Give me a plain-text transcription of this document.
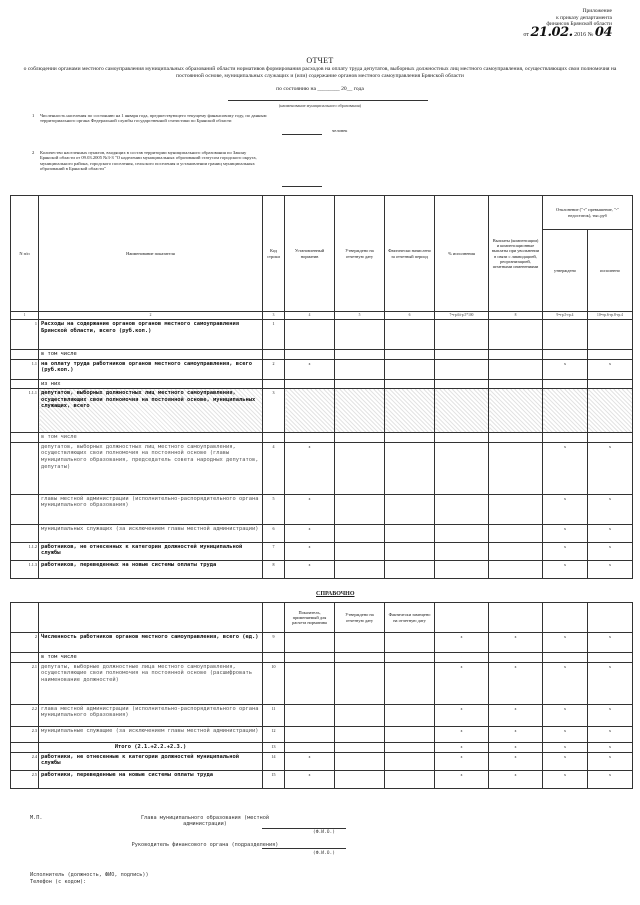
Приложение
к приказу департамента
финансов Брянской области
от 21.02. 2016 № 04
ОТЧЕТ
о соблюдении органами местного самоуправления муниципальных образований области нормативов формирования расходов на оплату труда депутатов, выборных должностных лиц местного самоуправления, осуществляющих свои полномочия на постоянной основе, муниципальных служащих и (или) содержание органов местного самоуправления Брянской области
по состоянию на ________ 20__ года
(наименование муниципального образования)
1 Численность населения по состоянию на 1 января года, предшествующего текущему финансовому году, по данным территориального органа Федеральной службы государственной статистики по Брянской области
человек
2 Количество населенных пунктов, входящих в состав территории муниципального образования по Закону Брянской области от 09.03.2005 №3-З "О наделении муниципальных образований статусом городского округа, муниципального района, городского поселения, сельского поселения и установлении границ муниципальных образований в Брянской области"
N п/п	Наименование показателя	Код строки	Установленный норматив	Утверждено на отчетную дату	Фактически начислено за отчетный период	% исполнения	Выплаты (компенсации) и компенсационные выплаты при увольнении в связи с ликвидацией, реорганизацией, штатными изменениями	Отклонение ("+" превышение, "-" недостаток), тыс.руб	
								утверждено	исполнено
1	2	3	4	5	6	7=гр.6/гр.5*100	8	9=гр.5-гр.4	10=гр.6-гр.8-гр.4
1	Расходы на содержание органов органов местного самоуправления Брянской области, всего (руб.коп.)	1							
	в том числе								
1.1	на оплату труда работников органов местного самоуправления, всего (руб.коп.)	2	х					х	х
	из них								
1.1.1	депутатов, выборных должностных лиц местного самоуправления, осуществляющих свои полномочия на постоянной основе, муниципальных служащих, всего	3							
	в том числе								
	депутатов, выборных должностных лиц местного самоуправления, осуществляющих свои полномочия на постоянной основе (главы муниципального образования, председатель совета народных депутатов, депутаты)	4	х					х	х
	главы местной администрации (исполнительно-распорядительного органа муниципального образования)	5	х					х	х
	муниципальных служащих (за исключением главы местной администрации)	6	х					х	х
1.1.2	работников, не отнесенных к категории должностей муниципальной службы	7	х					х	х
1.1.3	работников, переведенных на новые системы оплаты труда	8	х					х	х
СПРАВОЧНО
			Показатель, применяемый для расчета норматива	Утверждено на отчетную дату	Фактически замещено на отчетную дату				
2	Численность работников органов местного самоуправления, всего (ед.)	9				х	х	х	х
	в том числе								
2.1	депутаты, выборные должностные лица местного самоуправления, осуществляющие свои полномочия на постоянной основе (расшифровать наименование должностей)	10				х	х	х	х
2.2	глава местной администрации (исполнительно-распорядительного органа муниципального образования)	11				х	х	х	х
2.3	муниципальные служащие (за исключением главы местной администрации)	12				х	х	х	х
	Итого (2.1.+2.2.+2.3.)	13				х	х	х	х
2.4	работники, не отнесенные к категории должностей муниципальной службы	14	х			х	х	х	х
2.5	работники, переведенные на новые системы оплаты труда	15	х			х	х	х	х
М.П.	Глава муниципального образования (местной администрации)
(Ф.И.О.)
Руководитель финансового органа (подразделения)
(Ф.И.О.)
Исполнитель (должность, ФИО, подпись))
Телефон (с кодом):
